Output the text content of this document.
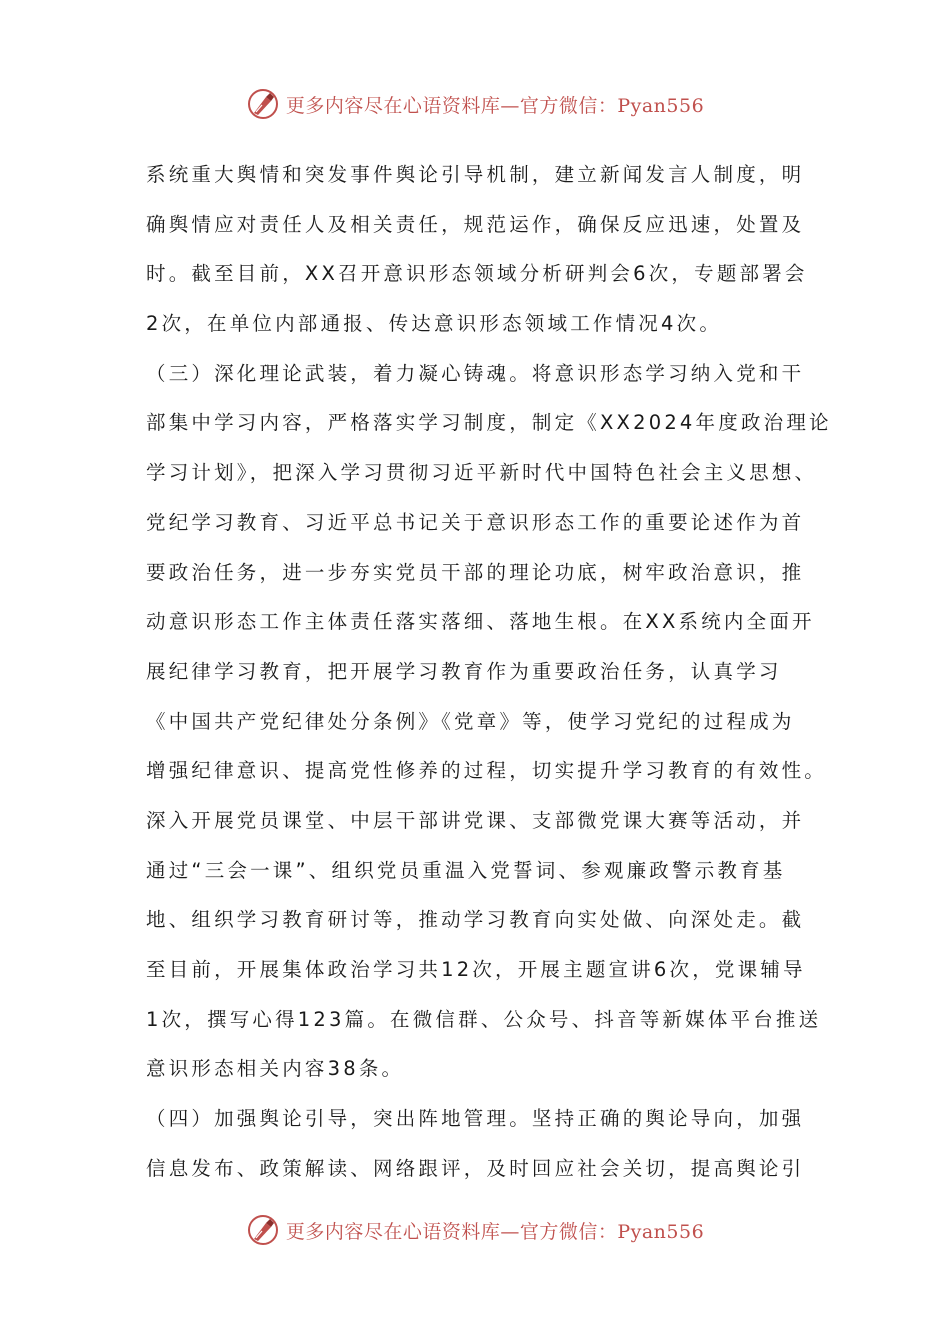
更多内容尽在心语资料库—官方微信：Pyan556
系统重大舆情和突发事件舆论引导机制，建立新闻发言人制度，明
确舆情应对责任人及相关责任，规范运作，确保反应迅速，处置及
时。截至目前，XX召开意识形态领域分析研判会6次，专题部署会
2次，在单位内部通报、传达意识形态领域工作情况4次。
（三）深化理论武装，着力凝心铸魂。将意识形态学习纳入党和干
部集中学习内容，严格落实学习制度，制定《XX2024年度政治理论
学习计划》，把深入学习贯彻习近平新时代中国特色社会主义思想、
党纪学习教育、习近平总书记关于意识形态工作的重要论述作为首
要政治任务，进一步夯实党员干部的理论功底，树牢政治意识，推
动意识形态工作主体责任落实落细、落地生根。在XX系统内全面开
展纪律学习教育，把开展学习教育作为重要政治任务，认真学习
《中国共产党纪律处分条例》《党章》等，使学习党纪的过程成为
增强纪律意识、提高党性修养的过程，切实提升学习教育的有效性。
深入开展党员课堂、中层干部讲党课、支部微党课大赛等活动，并
通过“三会一课”、组织党员重温入党誓词、参观廉政警示教育基
地、组织学习教育研讨等，推动学习教育向实处做、向深处走。截
至目前，开展集体政治学习共12次，开展主题宣讲6次，党课辅导
1次，撰写心得123篇。在微信群、公众号、抖音等新媒体平台推送
意识形态相关内容38条。
（四）加强舆论引导，突出阵地管理。坚持正确的舆论导向，加强
信息发布、政策解读、网络跟评，及时回应社会关切，提高舆论引
更多内容尽在心语资料库—官方微信：Pyan556
